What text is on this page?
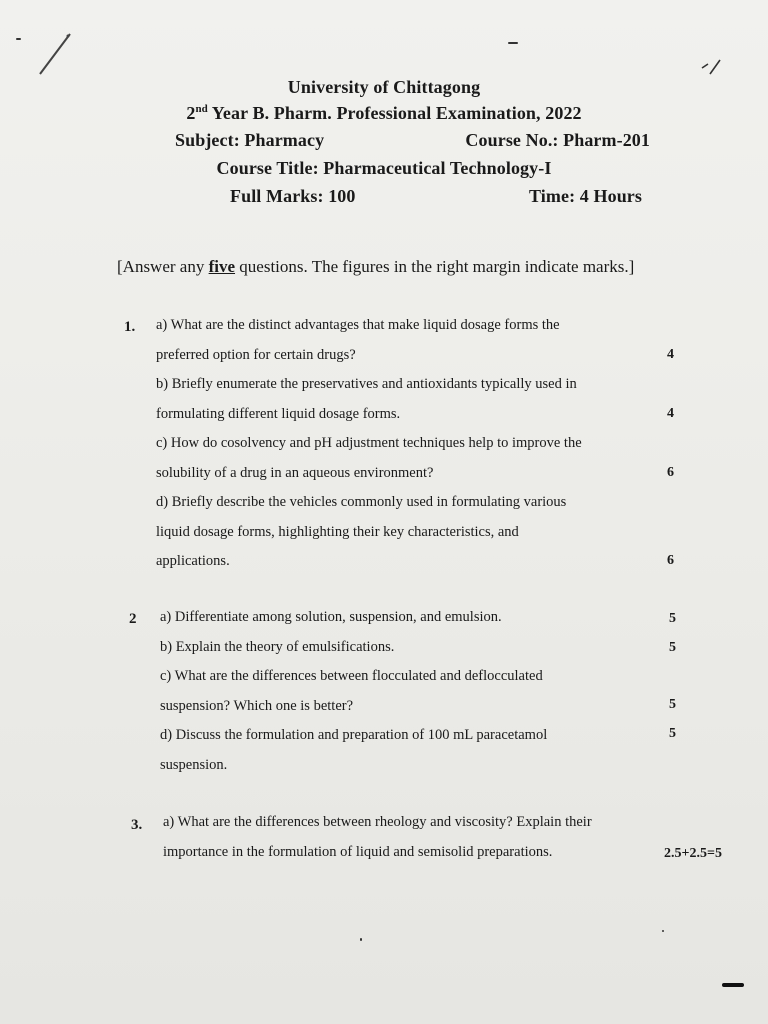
University of Chittagong
2nd Year B. Pharm. Professional Examination, 2022
Subject: Pharmacy	Course No.: Pharm-201
Course Title: Pharmaceutical Technology-I
Full Marks: 100	Time: 4 Hours
[Answer any five questions. The figures in the right margin indicate marks.]
1. a) What are the distinct advantages that make liquid dosage forms the
preferred option for certain drugs?
b) Briefly enumerate the preservatives and antioxidants typically used in
formulating different liquid dosage forms.
c) How do cosolvency and pH adjustment techniques help to improve the
solubility of a drug in an aqueous environment?
d) Briefly describe the vehicles commonly used in formulating various
liquid dosage forms, highlighting their key characteristics, and
applications.
4
4
6
6
2 a) Differentiate among solution, suspension, and emulsion.
b) Explain the theory of emulsifications.
c) What are the differences between flocculated and deflocculated
suspension? Which one is better?
d) Discuss the formulation and preparation of 100 mL paracetamol
suspension.
5
5
5
5
3. a) What are the differences between rheology and viscosity? Explain their
importance in the formulation of liquid and semisolid preparations.	2.5+2.5=5
